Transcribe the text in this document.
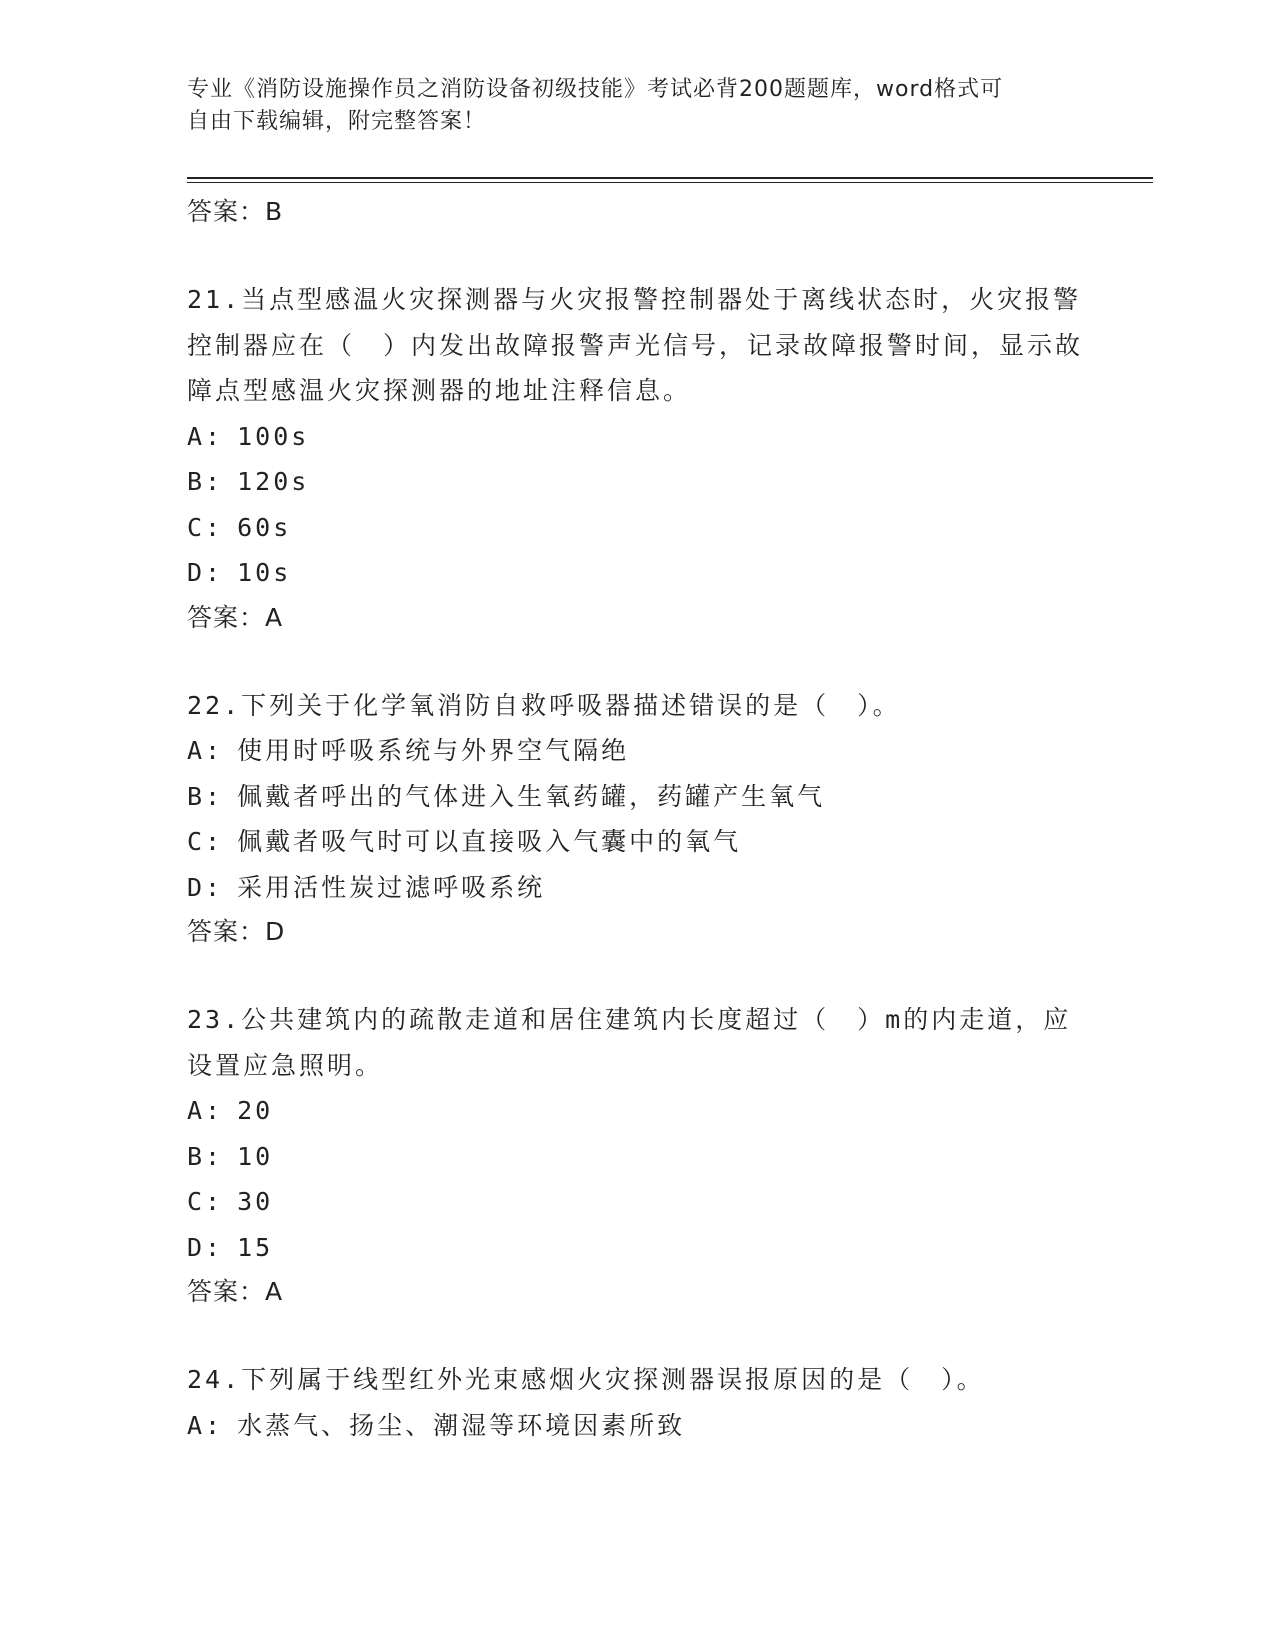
专业《消防设施操作员之消防设备初级技能》考试必背200题题库，word格式可
自由下载编辑，附完整答案！
答案：B
21.当点型感温火灾探测器与火灾报警控制器处于离线状态时，火灾报警控制器应在（　）内发出故障报警声光信号，记录故障报警时间，显示故障点型感温火灾探测器的地址注释信息。
A: 100s
B: 120s
C: 60s
D: 10s
答案：A
22.下列关于化学氧消防自救呼吸器描述错误的是（　）。
A: 使用时呼吸系统与外界空气隔绝
B: 佩戴者呼出的气体进入生氧药罐，药罐产生氧气
C: 佩戴者吸气时可以直接吸入气囊中的氧气
D: 采用活性炭过滤呼吸系统
答案：D
23.公共建筑内的疏散走道和居住建筑内长度超过（　）m的内走道，应设置应急照明。
A: 20
B: 10
C: 30
D: 15
答案：A
24.下列属于线型红外光束感烟火灾探测器误报原因的是（　）。
A: 水蒸气、扬尘、潮湿等环境因素所致
